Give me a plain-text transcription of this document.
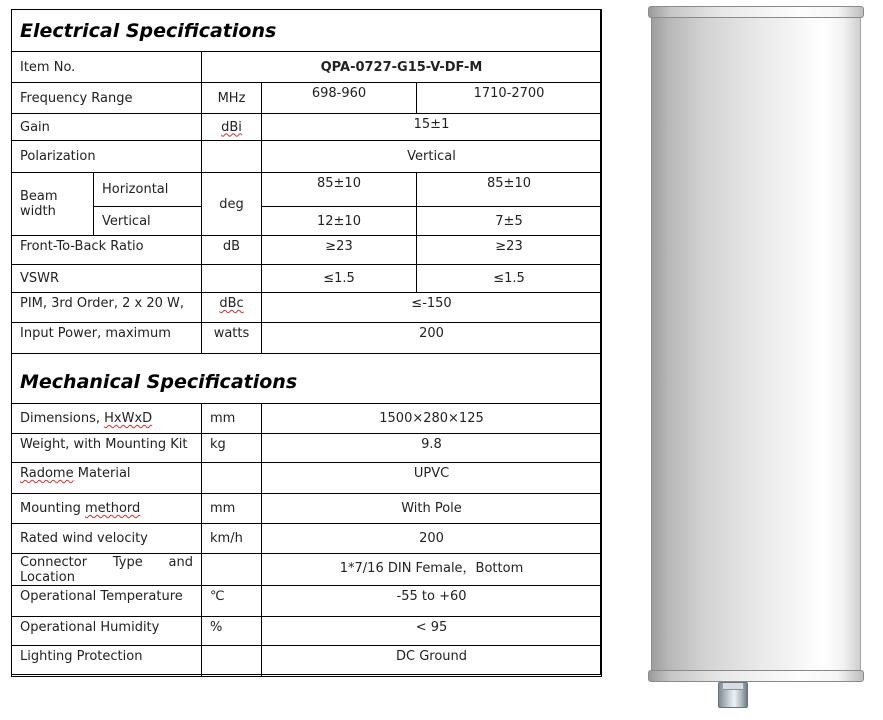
Electrical Specifications				
Item No.		QPA-0727-G15-V-DF-M		
Frequency Range		MHz	698-960	1710-2700
Gain		dBi	15±1	
Polarization			Vertical	
Beam width	Horizontal	deg	85±10	85±10
	Vertical		12±10	7±5
Front-To-Back Ratio		dB	≥23	≥23
VSWR			≤1.5	≤1.5
PIM, 3rd Order, 2 x 20 W,		dBc	≤-150	
Input Power, maximum		watts	200	
Mechanical Specifications				
Dimensions, HxWxD		mm	1500×280×125	
Weight, with Mounting Kit		kg	9.8	
Radome Material			UPVC	
Mounting methord		mm	With Pole	
Rated wind velocity		km/h	200	

Connector Type and
Location			1*7/16 DIN Female，Bottom	
Operational Temperature		℃	-55 to +60	
Operational Humidity		%	< 95	
Lighting Protection			DC Ground	
